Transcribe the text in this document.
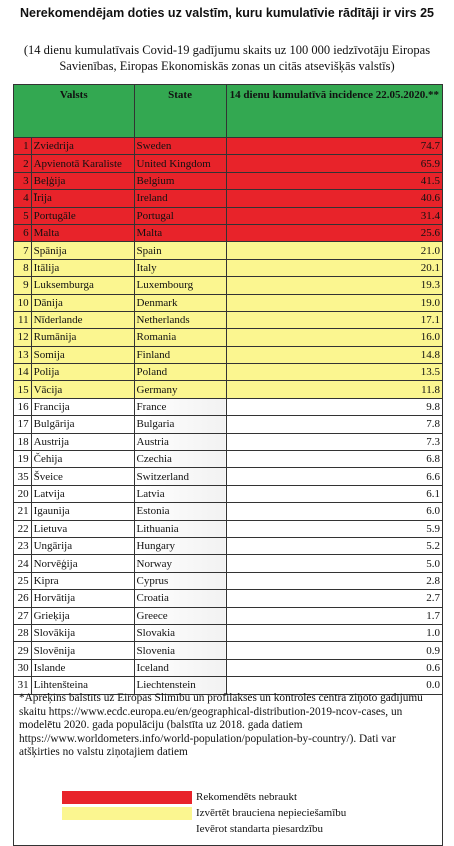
Nerekomendējam doties uz valstīm, kuru kumulatīvie rādītāji ir virs 25
(14 dienu kumulatīvais Covid-19 gadījumu skaits uz 100 000 iedzīvotāju Eiropas Savienības, Eiropas Ekonomiskās zonas un citās atsevišķās valstīs)
Valsts		State	14 dienu kumulatīvā incidence 22.05.2020.**
1	Zviedrija	Sweden	74.7
2	Apvienotā Karaliste	United Kingdom	65.9
3	Beļģija	Belgium	41.5
4	Īrija	Ireland	40.6
5	Portugāle	Portugal	31.4
6	Malta	Malta	25.6
7	Spānija	Spain	21.0
8	Itālija	Italy	20.1
9	Luksemburga	Luxembourg	19.3
10	Dānija	Denmark	19.0
11	Nīderlande	Netherlands	17.1
12	Rumānija	Romania	16.0
13	Somija	Finland	14.8
14	Polija	Poland	13.5
15	Vācija	Germany	11.8
16	Francija	France	9.8
17	Bulgārija	Bulgaria	7.8
18	Austrija	Austria	7.3
19	Čehija	Czechia	6.8
35	Šveice	Switzerland	6.6
20	Latvija	Latvia	6.1
21	Igaunija	Estonia	6.0
22	Lietuva	Lithuania	5.9
23	Ungārija	Hungary	5.2
24	Norvēģija	Norway	5.0
25	Kipra	Cyprus	2.8
26	Horvātija	Croatia	2.7
27	Grieķija	Greece	1.7
28	Slovākija	Slovakia	1.0
29	Slovēnija	Slovenia	0.9
30	Islande	Iceland	0.6
31	Lihtenšteina	Liechtenstein	0.0
*Aprēķins balstīts uz Eiropas Slimību un profilakses un kontroles centra ziņoto gadījumu skaitu https://www.ecdc.europa.eu/en/geographical-distribution-2019-ncov-cases, un modelētu 2020. gada populāciju (balstīta uz 2018. gada datiem https://www.worldometers.info/world-population/population-by-country/). Dati var atšķirties no valstu ziņotajiem datiem
Rekomendēts nebraukt
Izvērtēt brauciena nepieciešamību
Ievērot standarta piesardzību
